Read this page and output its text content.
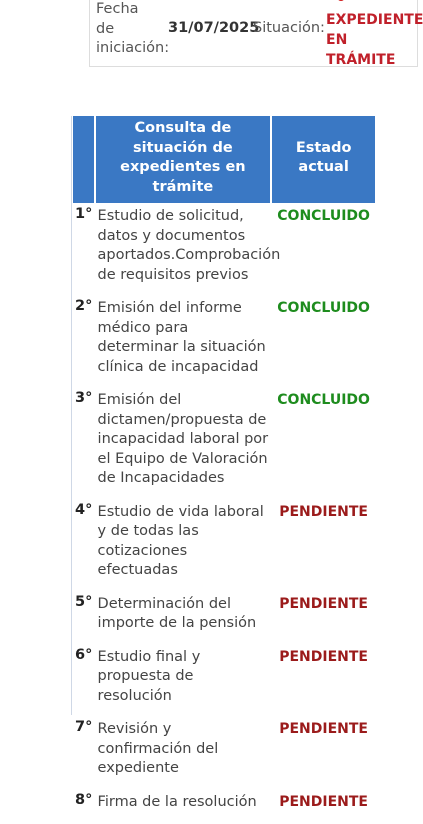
Fecha de iniciación:
31/07/2025
Situación: EXPEDIENTE EN TRÁMITE
	Consulta de situación de expedientes en trámite	Estado actual
1°	Estudio de solicitud, datos y documentos aportados.Comprobación de requisitos previos	CONCLUIDO
2°	Emisión del informe médico para determinar la situación clínica de incapacidad	CONCLUIDO
3°	Emisión del dictamen/propuesta de incapacidad laboral por el Equipo de Valoración de Incapacidades	CONCLUIDO
4°	Estudio de vida laboral y de todas las cotizaciones efectuadas	PENDIENTE
5°	Determinación del importe de la pensión	PENDIENTE
6°	Estudio final y propuesta de resolución	PENDIENTE
7°	Revisión y confirmación del expediente	PENDIENTE
8°	Firma de la resolución	PENDIENTE
